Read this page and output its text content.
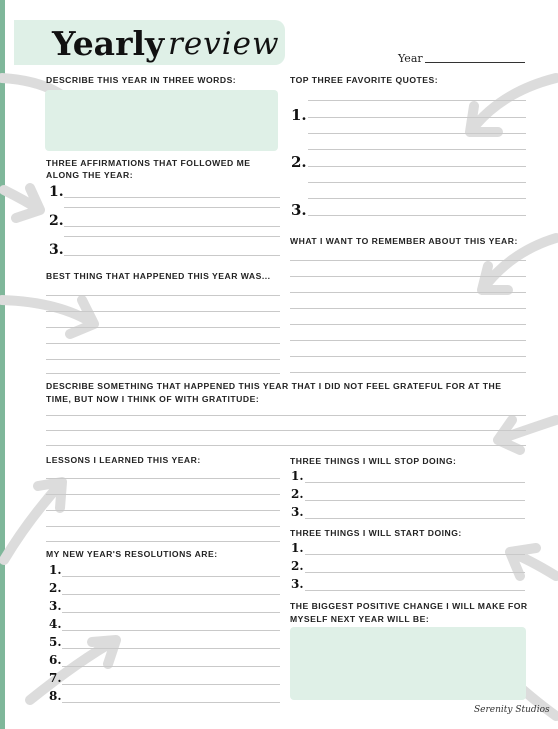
Yearly review	Year
DESCRIBE THIS YEAR IN THREE WORDS:	TOP THREE FAVORITE QUOTES:
1.
2.
3.
THREE AFFIRMATIONS THAT FOLLOWED ME
ALONG THE YEAR:
1.
2.
3.
WHAT I WANT TO REMEMBER ABOUT THIS YEAR:
BEST THING THAT HAPPENED THIS YEAR WAS...
DESCRIBE SOMETHING THAT HAPPENED THIS YEAR THAT I DID NOT FEEL GRATEFUL FOR AT THE
TIME, BUT NOW I THINK OF WITH GRATITUDE:
LESSONS I LEARNED THIS YEAR:	THREE THINGS I WILL STOP DOING:
1.
2.
3.
THREE THINGS I WILL START DOING:
1.
2.
3.
MY NEW YEAR'S RESOLUTIONS ARE:
1.
2.
3.
4.
5.
6.
7.
8.
THE BIGGEST POSITIVE CHANGE I WILL MAKE FOR
MYSELF NEXT YEAR WILL BE:
Serenity Studios
